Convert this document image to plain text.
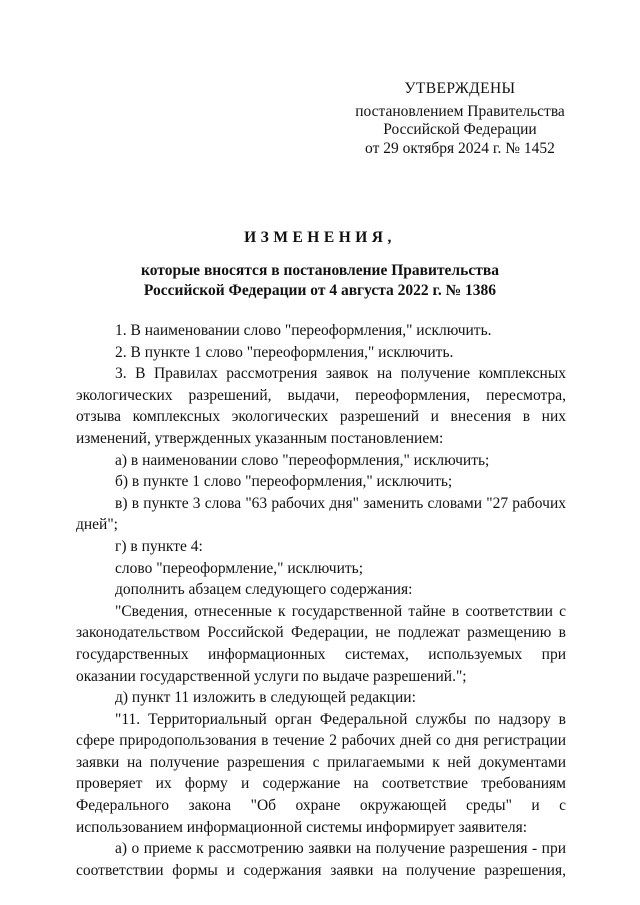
УТВЕРЖДЕНЫ
постановлением Правительства
Российской Федерации
от 29 октября 2024 г. № 1452
ИЗМЕНЕНИЯ,
которые вносятся в постановление Правительства
Российской Федерации от 4 августа 2022 г. № 1386

1. В наименовании слово "переоформления," исключить.

2. В пункте 1 слово "переоформления," исключить.

3. В Правилах рассмотрения заявок на получение комплексных экологических разрешений, выдачи, переоформления, пересмотра, отзыва комплексных экологических разрешений и внесения в них изменений, утвержденных указанным постановлением:

а) в наименовании слово "переоформления," исключить;

б) в пункте 1 слово "переоформления," исключить;

в) в пункте 3 слова "63 рабочих дня" заменить словами "27 рабочих дней";

г) в пункте 4:

слово "переоформление," исключить;

дополнить абзацем следующего содержания:

"Сведения, отнесенные к государственной тайне в соответствии с законодательством Российской Федерации, не подлежат размещению в государственных информационных системах, используемых при оказании государственной услуги по выдаче разрешений.";

д) пункт 11 изложить в следующей редакции:

"11. Территориальный орган Федеральной службы по надзору в сфере природопользования в течение 2 рабочих дней со дня регистрации заявки на получение разрешения с прилагаемыми к ней документами проверяет их форму и содержание на соответствие требованиям Федерального закона "Об охране окружающей среды" и с использованием информационной системы информирует заявителя:

а) о приеме к рассмотрению заявки на получение разрешения - при соответствии формы и содержания заявки на получение разрешения,
